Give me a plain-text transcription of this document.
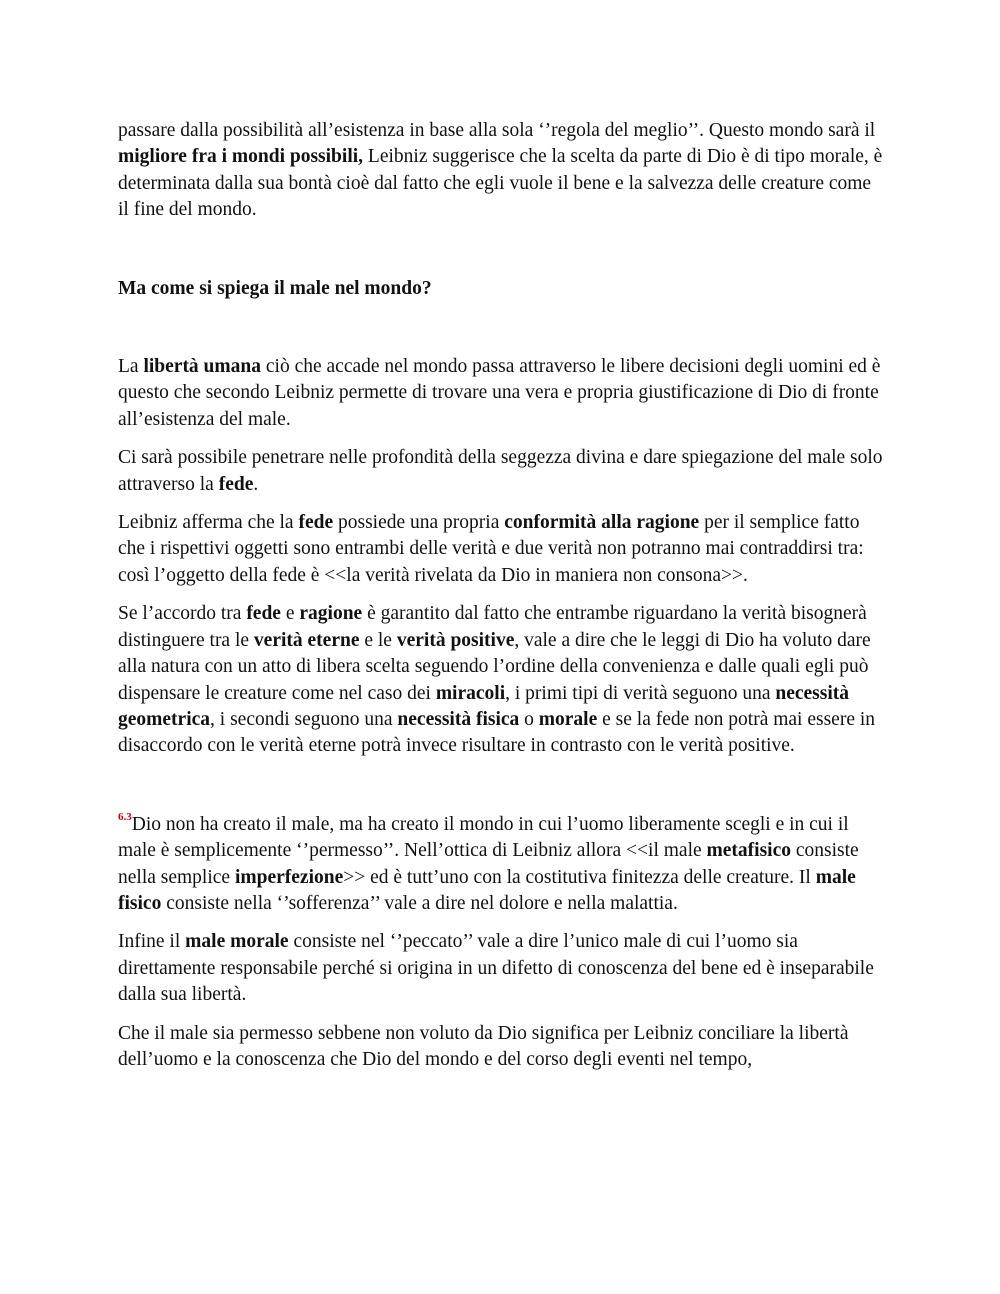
passare dalla possibilità all’esistenza in base alla sola ‘’regola del meglio’’. Questo mondo sarà il migliore fra i mondi possibili, Leibniz suggerisce che la scelta da parte di Dio è di tipo morale, è determinata dalla sua bontà cioè dal fatto che egli vuole il bene e la salvezza delle creature come il fine del mondo.

Ma come si spiega il male nel mondo?

La libertà umana ciò che accade nel mondo passa attraverso le libere decisioni degli uomini ed è questo che secondo Leibniz permette di trovare una vera e propria giustificazione di Dio di fronte all’esistenza del male.

Ci sarà possibile penetrare nelle profondità della seggezza divina e dare spiegazione del male solo attraverso la fede.

Leibniz afferma che la fede possiede una propria conformità alla ragione per il semplice fatto che i rispettivi oggetti sono entrambi delle verità e due verità non potranno mai contraddirsi tra: così l’oggetto della fede è <<la verità rivelata da Dio in maniera non consona>>.

Se l’accordo tra fede e ragione è garantito dal fatto che entrambe riguardano la verità bisognerà distinguere tra le verità eterne e le verità positive, vale a dire che le leggi di Dio ha voluto dare alla natura con un atto di libera scelta seguendo l’ordine della convenienza e dalle quali egli può dispensare le creature come nel caso dei miracoli, i primi tipi di verità seguono una necessità geometrica, i secondi seguono una necessità fisica o morale e se la fede non potrà mai essere in disaccordo con le verità eterne potrà invece risultare in contrasto con le verità positive.

$^{6.3}$Dio non ha creato il male, ma ha creato il mondo in cui l’uomo liberamente scegli e in cui il male è semplicemente ‘’permesso’’. Nell’ottica di Leibniz allora <<il male metafisico consiste nella semplice imperfezione>> ed è tutt’uno con la costitutiva finitezza delle creature. Il male fisico consiste nella ‘’sofferenza’’ vale a dire nel dolore e nella malattia.

Infine il male morale consiste nel ‘’peccato’’ vale a dire l’unico male di cui l’uomo sia direttamente responsabile perché si origina in un difetto di conoscenza del bene ed è inseparabile dalla sua libertà.

Che il male sia permesso sebbene non voluto da Dio significa per Leibniz conciliare la libertà dell’uomo e la conoscenza che Dio del mondo e del corso degli eventi nel tempo,
